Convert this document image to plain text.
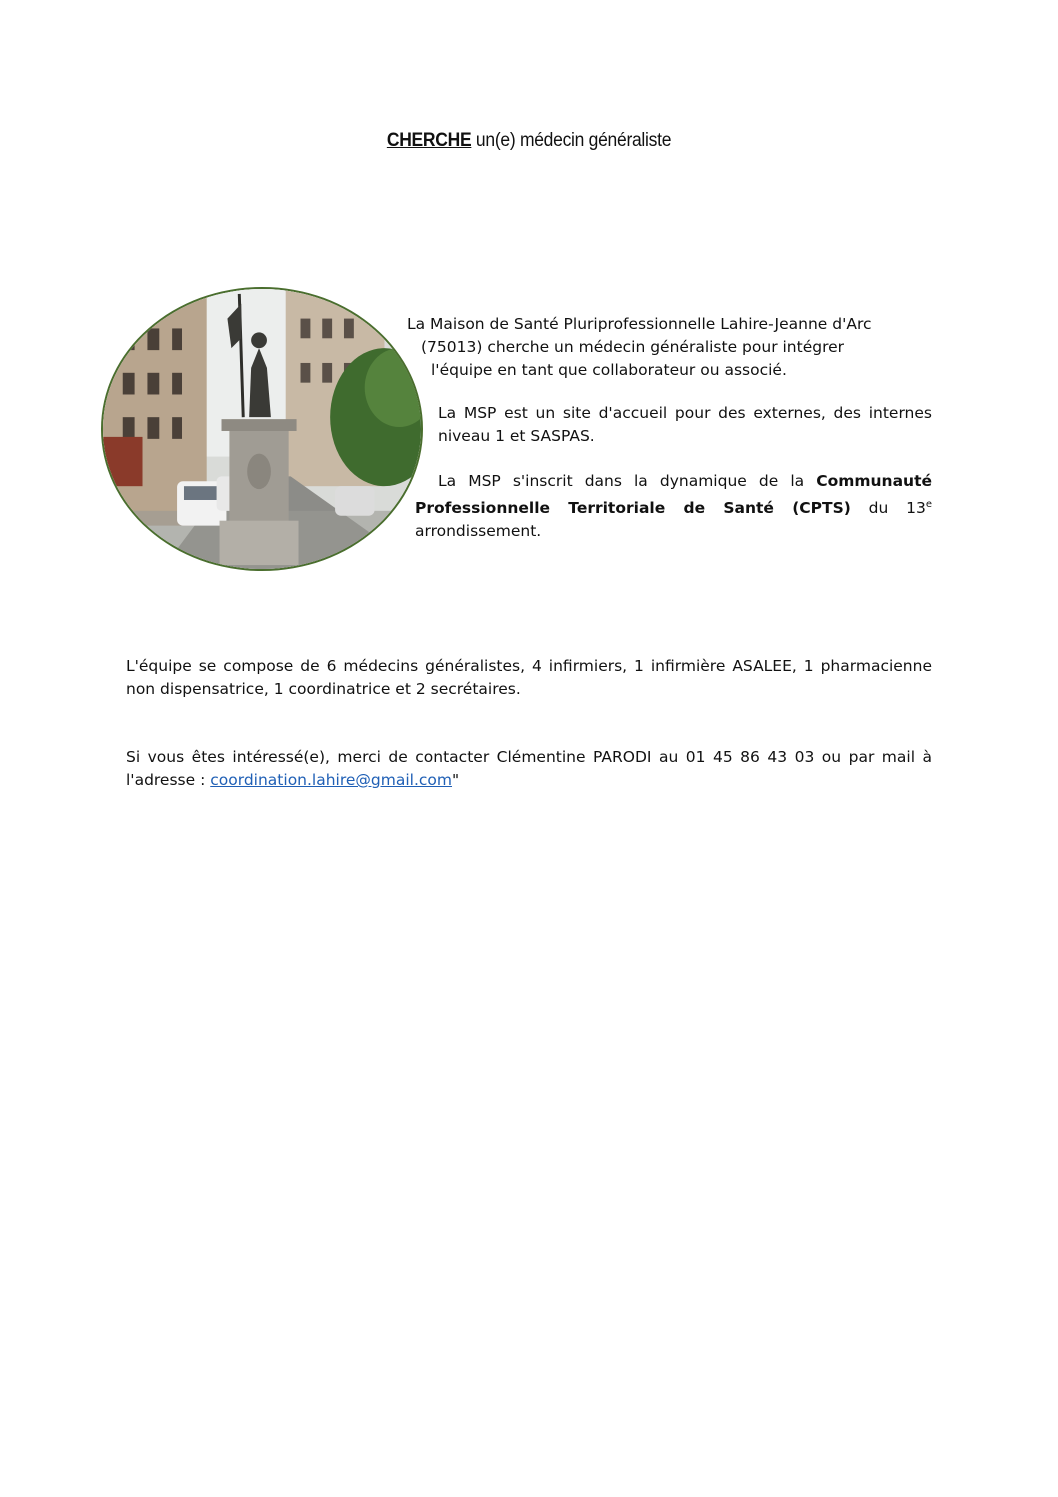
CHERCHE un(e) médecin généraliste

La Maison de Santé Pluriprofessionnelle Lahire-Jeanne d'Arc
(75013) cherche un médecin généraliste pour intégrer
l'équipe en tant que collaborateur ou associé.

La MSP est un site d'accueil pour des externes, des internes niveau 1 et SASPAS.

La MSP s'inscrit dans la dynamique de la Communauté Professionnelle Territoriale de Santé (CPTS) du 13e arrondissement.

L'équipe se compose de 6 médecins généralistes, 4 infirmiers, 1 infirmière ASALEE, 1 pharmacienne non dispensatrice, 1 coordinatrice et 2 secrétaires.

Si vous êtes intéressé(e), merci de contacter Clémentine PARODI au 01 45 86 43 03 ou par mail à l'adresse : coordination.lahire@gmail.com"
